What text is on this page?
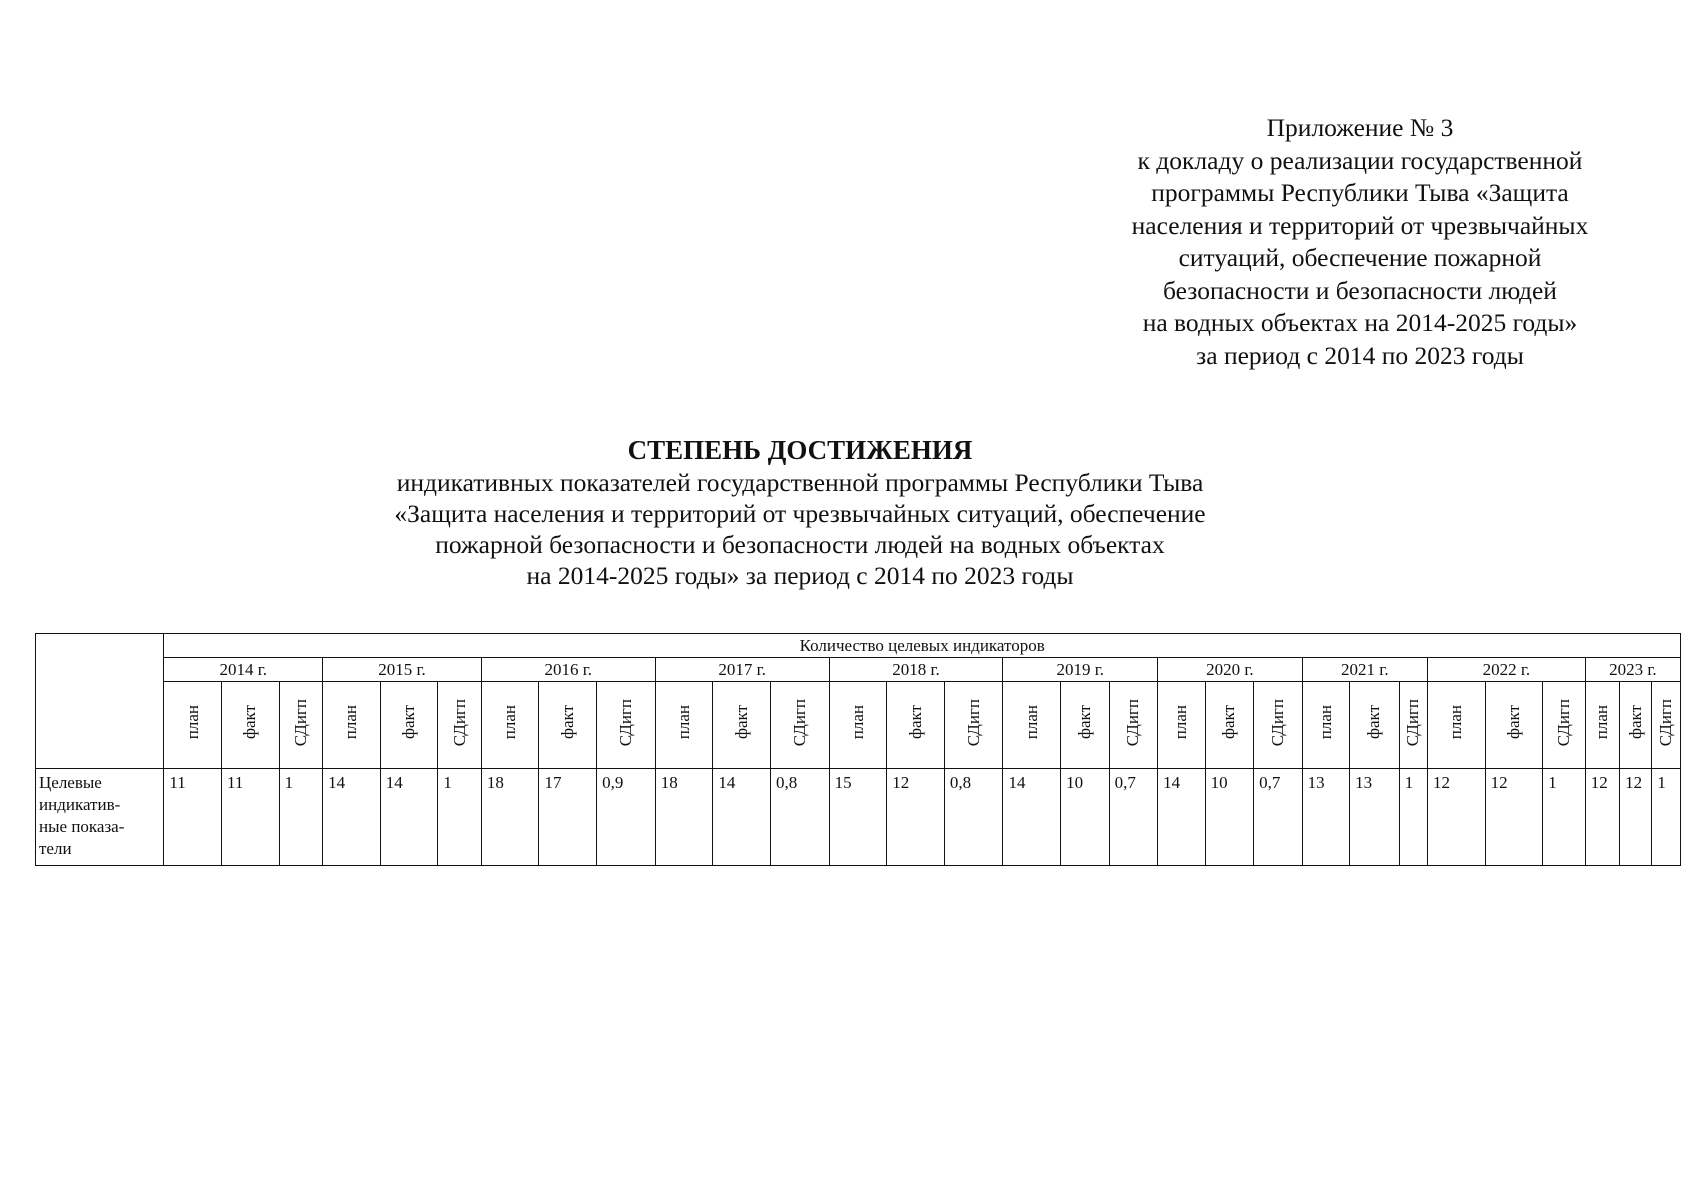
Приложение № 3
к докладу о реализации государственной
программы Республики Тыва «Защита
населения и территорий от чрезвычайных
ситуаций, обеспечение пожарной
безопасности и безопасности людей
на водных объектах на 2014-2025 годы»
за период с 2014 по 2023 годы
СТЕПЕНЬ ДОСТИЖЕНИЯ
индикативных показателей государственной программы Республики Тыва
«Защита населения и территорий от чрезвычайных ситуаций, обеспечение
пожарной безопасности и безопасности людей на водных объектах
на 2014-2025 годы» за период с 2014 по 2023 годы
	Количество целевых индикаторов																													
	2014 г.			2015 г.			2016 г.			2017 г.			2018 г.			2019 г.			2020 г.			2021 г.			2022 г.			2023 г.		
	план	факт	СДигп	план	факт	СДигп	план	факт	СДигп	план	факт	СДигп	план	факт	СДигп	план	факт	СДигп	план	факт	СДигп	план	факт	СДигп	план	факт	СДигп	план	факт	СДигп

Целевые
индикатив-
ные показа-
тели	11	11	1	14	14	1	18	17	0,9	18	14	0,8	15	12	0,8	14	10	0,7	14	10	0,7	13	13	1	12	12	1	12	12	1
